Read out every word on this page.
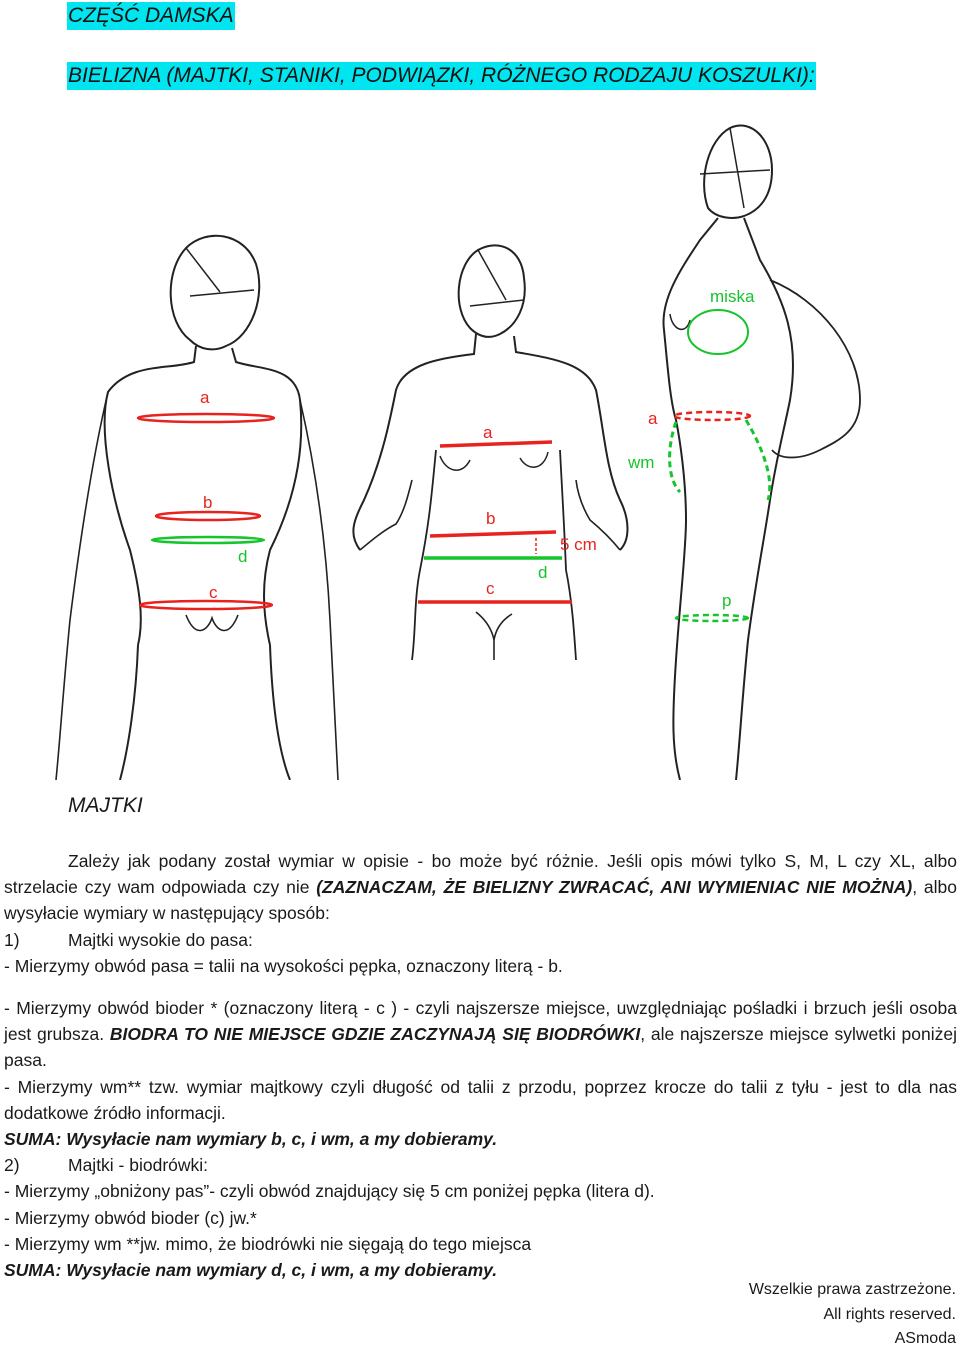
CZĘŚĆ DAMSKA
BIELIZNA (MAJTKI, STANIKI, PODWIĄZKI, RÓŻNEGO RODZAJU KOSZULKI):
a
b
d
c
a
b
5 cm
d
c
miska
a
wm
p
MAJTKI

Zależy jak podany został wymiar w opisie - bo może być różnie. Jeśli opis mówi tylko S, M, L czy XL, albo strzelacie czy wam odpowiada czy nie (ZAZNACZAM, ŻE BIELIZNY ZWRACAĆ, ANI WYMIENIAC NIE MOŻNA), albo wysyłacie wymiary w następujący sposób:

1)	Majtki wysokie do pasa:

- Mierzymy obwód pasa = talii na wysokości pępka, oznaczony literą - b.

- Mierzymy obwód bioder * (oznaczony literą - c ) - czyli najszersze miejsce, uwzględniając pośladki i brzuch jeśli osoba jest grubsza. BIODRA TO NIE MIEJSCE GDZIE ZACZYNAJĄ SIĘ BIODRÓWKI, ale najszersze miejsce sylwetki poniżej pasa.

- Mierzymy wm** tzw. wymiar majtkowy czyli długość od talii z przodu, poprzez krocze do talii z tyłu - jest to dla nas dodatkowe źródło informacji.

SUMA: Wysyłacie nam wymiary b, c, i wm, a my dobieramy.

2)	Majtki - biodrówki:

- Mierzymy „obniżony pas”- czyli obwód znajdujący się 5 cm poniżej pępka (litera d).

- Mierzymy obwód bioder (c) jw.*

- Mierzymy wm **jw. mimo, że biodrówki nie sięgają do tego miejsca

SUMA: Wysyłacie nam wymiary d, c, i wm, a my dobieramy.

Wszelkie prawa zastrzeżone.
All rights reserved.
ASmoda
